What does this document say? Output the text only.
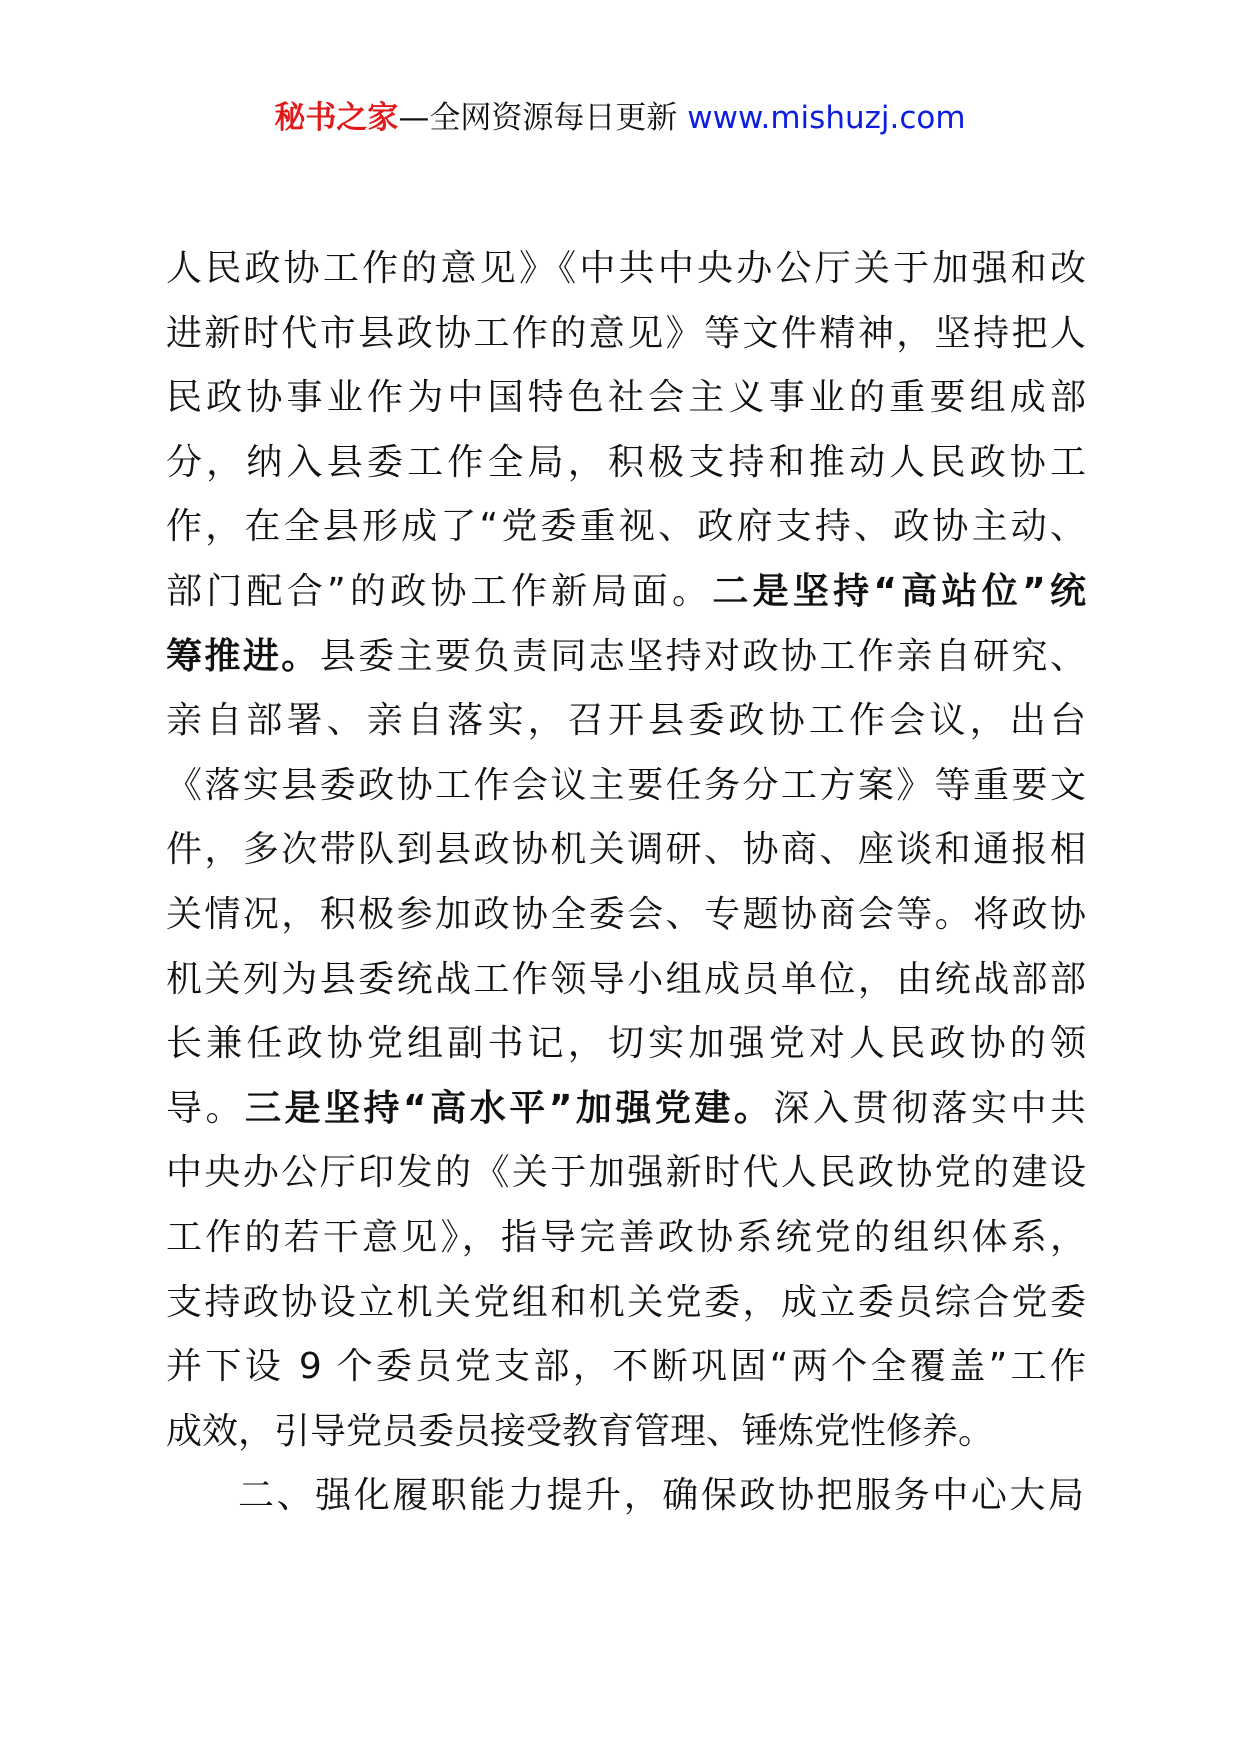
秘书之家—全网资源每日更新 www.mishuzj.com
人民政协工作的意见》《中共中央办公厅关于加强和改
进新时代市县政协工作的意见》等文件精神，坚持把人
民政协事业作为中国特色社会主义事业的重要组成部
分，纳入县委工作全局，积极支持和推动人民政协工
作，在全县形成了“党委重视、政府支持、政协主动、
部门配合”的政协工作新局面。二是坚持“高站位”统
筹推进。县委主要负责同志坚持对政协工作亲自研究、
亲自部署、亲自落实，召开县委政协工作会议，出台
《落实县委政协工作会议主要任务分工方案》等重要文
件，多次带队到县政协机关调研、协商、座谈和通报相
关情况，积极参加政协全委会、专题协商会等。将政协
机关列为县委统战工作领导小组成员单位，由统战部部
长兼任政协党组副书记，切实加强党对人民政协的领
导。三是坚持“高水平”加强党建。深入贯彻落实中共
中央办公厅印发的《关于加强新时代人民政协党的建设
工作的若干意见》，指导完善政协系统党的组织体系，
支持政协设立机关党组和机关党委，成立委员综合党委
并下设 9 个委员党支部，不断巩固“两个全覆盖”工作
成效，引导党员委员接受教育管理、锤炼党性修养。
二、强化履职能力提升，确保政协把服务中心大局
